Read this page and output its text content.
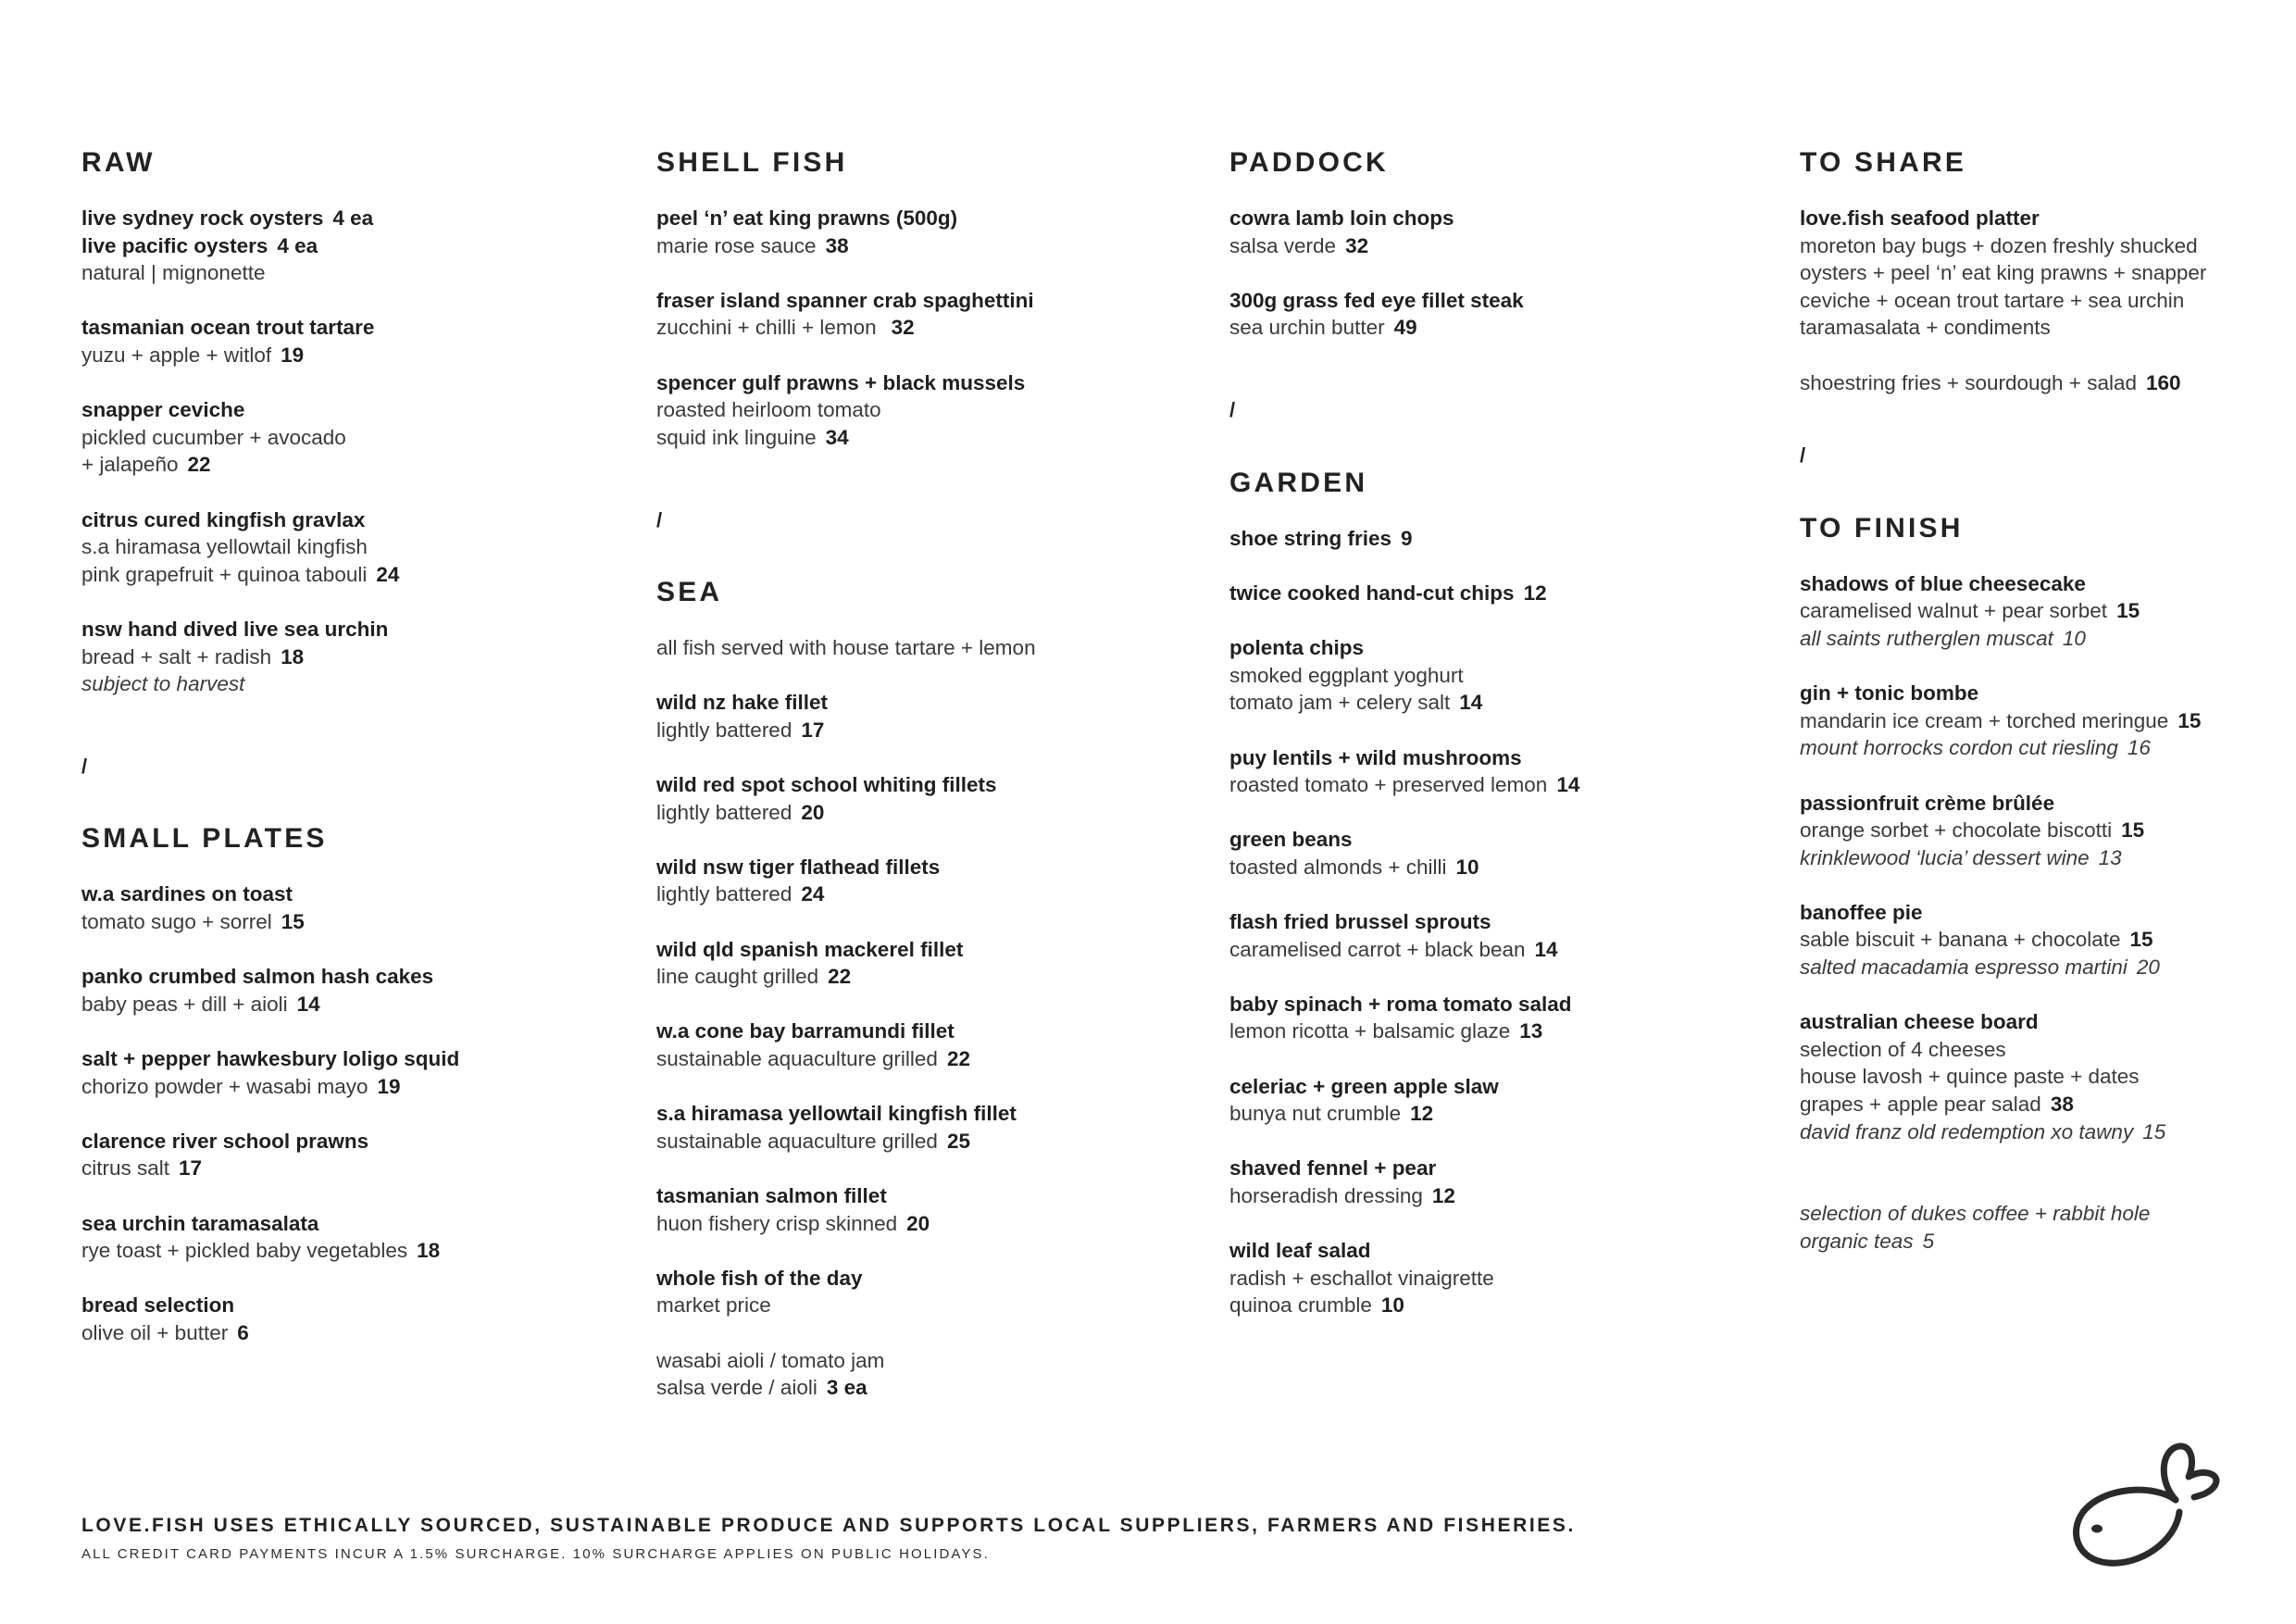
RAW
live sydney rock oysters 4 ea
live pacific oysters 4 ea
natural | mignonette
tasmanian ocean trout tartare
yuzu + apple + witlof 19
snapper ceviche
pickled cucumber + avocado
+ jalapeño 22
citrus cured kingfish gravlax
s.a hiramasa yellowtail kingfish
pink grapefruit + quinoa tabouli 24
nsw hand dived live sea urchin
bread + salt + radish 18
subject to harvest
/
SMALL PLATES
w.a sardines on toast
tomato sugo + sorrel 15
panko crumbed salmon hash cakes
baby peas + dill + aioli 14
salt + pepper hawkesbury loligo squid
chorizo powder + wasabi mayo 19
clarence river school prawns
citrus salt 17
sea urchin taramasalata
rye toast + pickled baby vegetables 18
bread selection
olive oil + butter 6
SHELL FISH
peel ‘n’ eat king prawns (500g)
marie rose sauce 38
fraser island spanner crab spaghettini
zucchini + chilli + lemon 32
spencer gulf prawns + black mussels
roasted heirloom tomato
squid ink linguine 34
/
SEA
all fish served with house tartare + lemon
wild nz hake fillet
lightly battered 17
wild red spot school whiting fillets
lightly battered 20
wild nsw tiger flathead fillets
lightly battered 24
wild qld spanish mackerel fillet
line caught grilled 22
w.a cone bay barramundi fillet
sustainable aquaculture grilled 22
s.a hiramasa yellowtail kingfish fillet
sustainable aquaculture grilled 25
tasmanian salmon fillet
huon fishery crisp skinned 20
whole fish of the day
market price
wasabi aioli / tomato jam
salsa verde / aioli 3 ea
PADDOCK
cowra lamb loin chops
salsa verde 32
300g grass fed eye fillet steak
sea urchin butter 49
/
GARDEN
shoe string fries 9
twice cooked hand-cut chips 12
polenta chips
smoked eggplant yoghurt
tomato jam + celery salt 14
puy lentils + wild mushrooms
roasted tomato + preserved lemon 14
green beans
toasted almonds + chilli 10
flash fried brussel sprouts
caramelised carrot + black bean 14
baby spinach + roma tomato salad
lemon ricotta + balsamic glaze 13
celeriac + green apple slaw
bunya nut crumble 12
shaved fennel + pear
horseradish dressing 12
wild leaf salad
radish + eschallot vinaigrette
quinoa crumble 10
TO SHARE
love.fish seafood platter
moreton bay bugs + dozen freshly shucked
oysters + peel ‘n’ eat king prawns + snapper
ceviche + ocean trout tartare + sea urchin
taramasalata + condiments
shoestring fries + sourdough + salad 160
/
TO FINISH
shadows of blue cheesecake
caramelised walnut + pear sorbet 15
all saints rutherglen muscat 10
gin + tonic bombe
mandarin ice cream + torched meringue 15
mount horrocks cordon cut riesling 16
passionfruit crème brûlée
orange sorbet + chocolate biscotti 15
krinklewood ‘lucia’ dessert wine 13
banoffee pie
sable biscuit + banana + chocolate 15
salted macadamia espresso martini 20
australian cheese board
selection of 4 cheeses
house lavosh + quince paste + dates
grapes + apple pear salad 38
david franz old redemption xo tawny 15
selection of dukes coffee + rabbit hole
organic teas 5
LOVE.FISH USES ETHICALLY SOURCED, SUSTAINABLE PRODUCE AND SUPPORTS LOCAL SUPPLIERS, FARMERS AND FISHERIES.
ALL CREDIT CARD PAYMENTS INCUR A 1.5% SURCHARGE. 10% SURCHARGE APPLIES ON PUBLIC HOLIDAYS.
